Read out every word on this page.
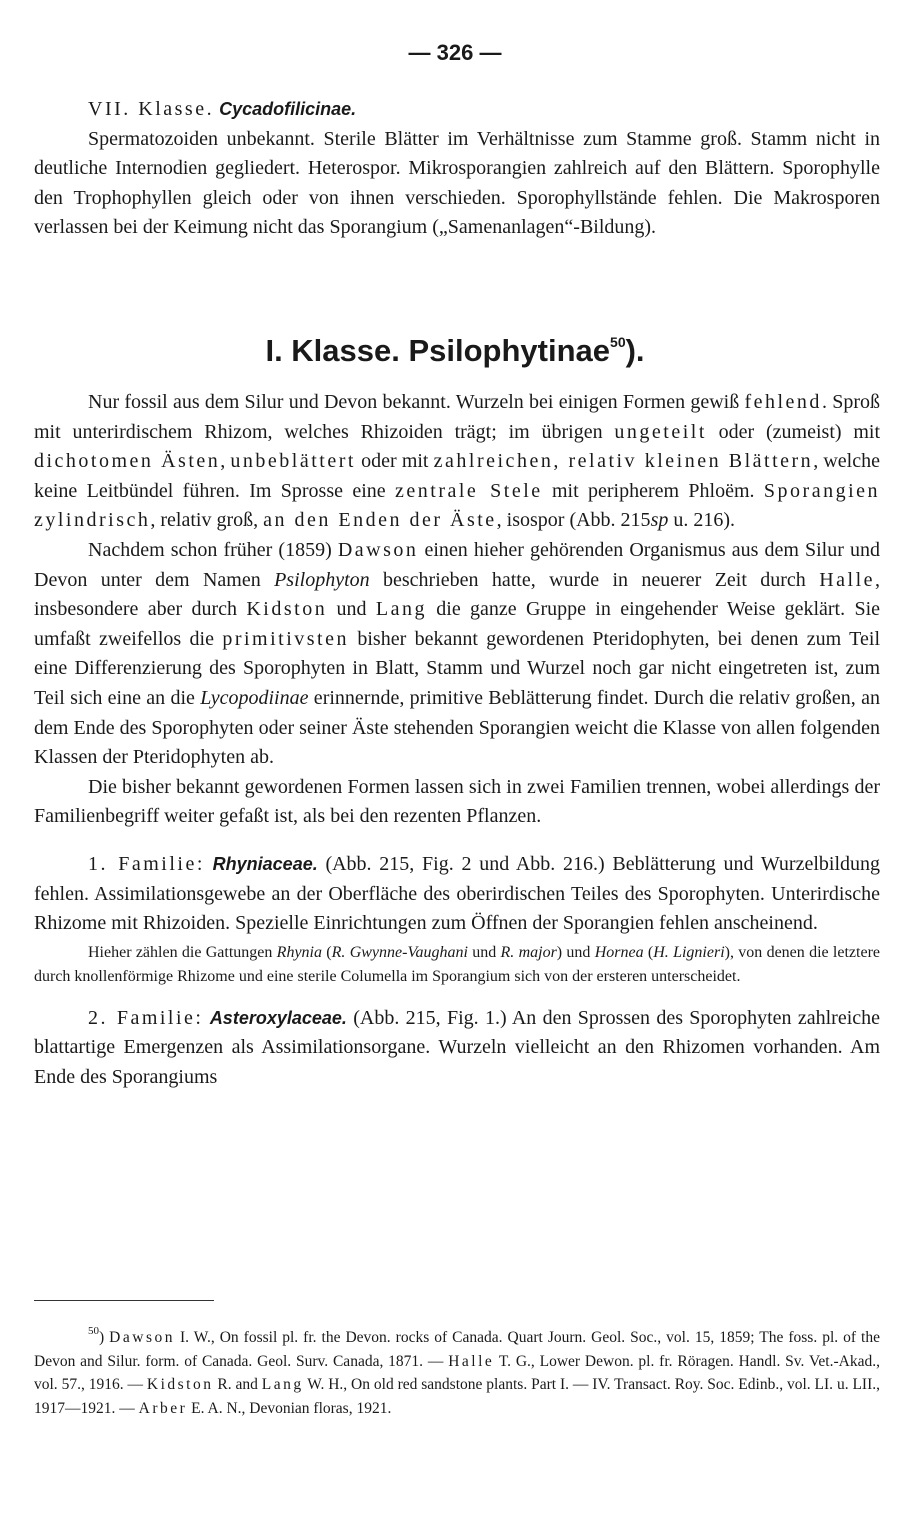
— 326 —

VII. Klasse. Cycadofilicinae.

Spermatozoiden unbekannt. Sterile Blätter im Verhältnisse zum Stamme groß. Stamm nicht in deutliche Internodien gegliedert. Heterospor. Mikrosporangien zahlreich auf den Blättern. Sporophylle den Trophophyllen gleich oder von ihnen verschieden. Sporophyllstände fehlen. Die Makrosporen verlassen bei der Keimung nicht das Sporangium („Samenanlagen“-Bildung).

I. Klasse. Psilophytinae$^{50}$).

Nur fossil aus dem Silur und Devon bekannt. Wurzeln bei einigen Formen gewiß fehlend. Sproß mit unterirdischem Rhizom, welches Rhizoiden trägt; im übrigen ungeteilt oder (zumeist) mit dichotomen Ästen, unbeblättert oder mit zahlreichen, relativ kleinen Blättern, welche keine Leitbündel führen. Im Sprosse eine zentrale Stele mit peripherem Phloëm. Sporangien zylindrisch, relativ groß, an den Enden der Äste, isospor (Abb. 215sp u. 216).

Nachdem schon früher (1859) Dawson einen hieher gehörenden Organismus aus dem Silur und Devon unter dem Namen Psilophyton beschrieben hatte, wurde in neuerer Zeit durch Halle, insbesondere aber durch Kidston und Lang die ganze Gruppe in eingehender Weise geklärt. Sie umfaßt zweifellos die primitivsten bisher bekannt gewordenen Pteridophyten, bei denen zum Teil eine Differenzierung des Sporophyten in Blatt, Stamm und Wurzel noch gar nicht eingetreten ist, zum Teil sich eine an die Lycopodiinae erinnernde, primitive Beblätterung findet. Durch die relativ großen, an dem Ende des Sporophyten oder seiner Äste stehenden Sporangien weicht die Klasse von allen folgenden Klassen der Pteridophyten ab.

Die bisher bekannt gewordenen Formen lassen sich in zwei Familien trennen, wobei allerdings der Familienbegriff weiter gefaßt ist, als bei den rezenten Pflanzen.

1. Familie: Rhyniaceae. (Abb. 215, Fig. 2 und Abb. 216.) Beblätterung und Wurzelbildung fehlen. Assimilationsgewebe an der Oberfläche des oberirdischen Teiles des Sporophyten. Unterirdische Rhizome mit Rhizoiden. Spezielle Einrichtungen zum Öffnen der Sporangien fehlen anscheinend.

Hieher zählen die Gattungen Rhynia (R. Gwynne-Vaughani und R. major) und Hornea (H. Lignieri), von denen die letztere durch knollenförmige Rhizome und eine sterile Columella im Sporangium sich von der ersteren unterscheidet.

2. Familie: Asteroxylaceae. (Abb. 215, Fig. 1.) An den Sprossen des Sporophyten zahlreiche blattartige Emergenzen als Assimilationsorgane. Wurzeln vielleicht an den Rhizomen vorhanden. Am Ende des Sporangiums

$^{50}$) Dawson I. W., On fossil pl. fr. the Devon. rocks of Canada. Quart Journ. Geol. Soc., vol. 15, 1859; The foss. pl. of the Devon and Silur. form. of Canada. Geol. Surv. Canada, 1871. — Halle T. G., Lower Dewon. pl. fr. Röragen. Handl. Sv. Vet.-Akad., vol. 57., 1916. — Kidston R. and Lang W. H., On old red sandstone plants. Part I. — IV. Transact. Roy. Soc. Edinb., vol. LI. u. LII., 1917—1921. — Arber E. A. N., Devonian floras, 1921.
